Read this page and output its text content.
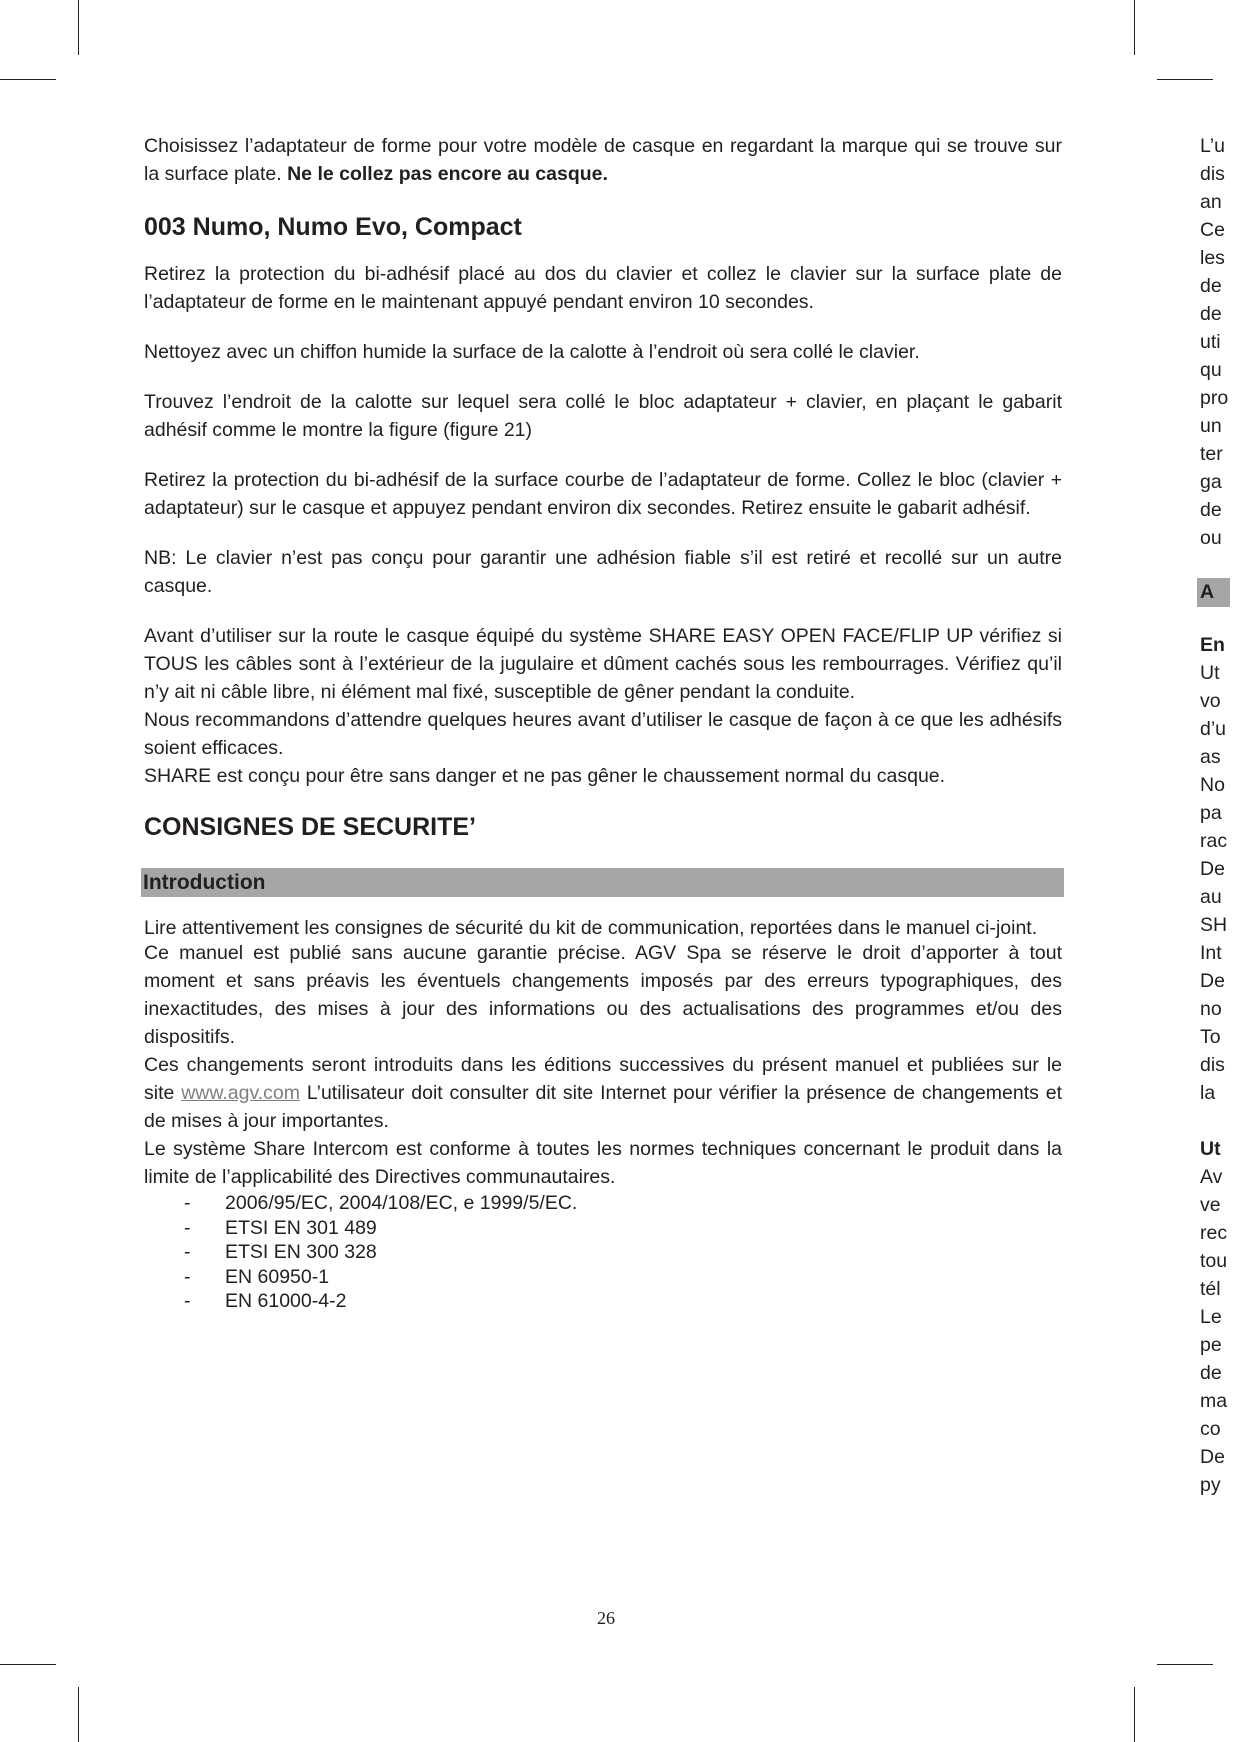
Choisissez l’adaptateur de forme pour votre modèle de casque en regardant la marque qui se trouve sur la surface plate. Ne le collez pas encore au casque.

003 Numo, Numo Evo, Compact

Retirez la protection du bi-adhésif placé au dos du clavier et collez le clavier sur la surface plate de l’adaptateur de forme en le maintenant appuyé pendant environ 10 secondes.

Nettoyez avec un chiffon humide la surface de la calotte à l’endroit où sera collé le clavier.

Trouvez l’endroit de la calotte sur lequel sera collé le bloc adaptateur + clavier, en plaçant le gabarit adhésif comme le montre la figure (figure 21)

Retirez la protection du bi-adhésif de la surface courbe de l’adaptateur de forme. Collez le bloc (clavier + adaptateur) sur le casque et appuyez pendant environ dix secondes. Retirez ensuite le gabarit adhésif.

NB: Le clavier n’est pas conçu pour garantir une adhésion fiable s’il est retiré et recollé sur un autre casque.

Avant d’utiliser sur la route le casque équipé du système SHARE EASY OPEN FACE/FLIP UP vérifiez si TOUS les câbles sont à l’extérieur de la jugulaire et dûment cachés sous les rembourrages. Vérifiez qu’il n’y ait ni câble libre, ni élément mal fixé, susceptible de gêner pendant la conduite.

Nous recommandons d’attendre quelques heures avant d’utiliser le casque de façon à ce que les adhésifs soient efficaces.

SHARE est conçu pour être sans danger et ne pas gêner le chaussement normal du casque.

CONSIGNES DE SECURITE’
Introduction

Lire attentivement les consignes de sécurité du kit de communication, reportées dans le manuel ci-joint.

Ce manuel est publié sans aucune garantie précise. AGV Spa se réserve le droit d’apporter à tout moment et sans préavis les éventuels changements imposés par des erreurs typographiques, des inexactitudes, des mises à jour des informations ou des actualisations des programmes et/ou des dispositifs.

Ces changements seront introduits dans les éditions successives du présent manuel et publiées sur le site www.agv.com L’utilisateur doit consulter dit site Internet pour vérifier la présence de changements et de mises à jour importantes.

Le système Share Intercom est conforme à toutes les normes techniques concernant le produit dans la limite de l’applicabilité des Directives communautaires.

- 2006/95/EC, 2004/108/EC, e 1999/5/EC.
- ETSI EN 301 489
- ETSI EN 300 328
- EN 60950-1
- EN 61000-4-2
26
L’u
dis
an
Ce
les
de
de
uti
qu
pro
un
ter
ga
de
ou
A
En
Ut
vo
d’u
as
No
pa
rac
De
au
SH
Int
De
no
To
dis
la
Ut
Av
ve
rec
tou
tél
Le
pe
de
ma
co
De
py
